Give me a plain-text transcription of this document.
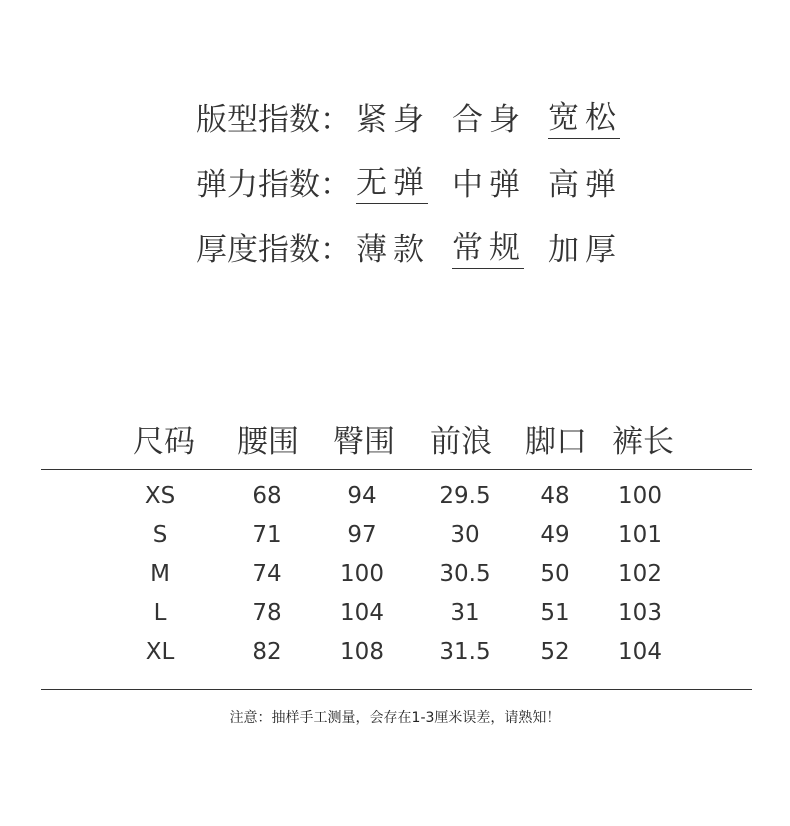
版型指数： 紧身 合身 宽松
弹力指数： 无弹 中弹 高弹
厚度指数： 薄款 常规 加厚
尺码 腰围 臀围 前浪 脚口 裤长
XS	68	94	29.5 48 100
S	71	97	30	49 101
M	74	100 30.5 50 102
L	78	104	31	51 103
XL	82	108 31.5 52 104
注意：抽样手工测量，会存在1-3厘米误差，请熟知！
